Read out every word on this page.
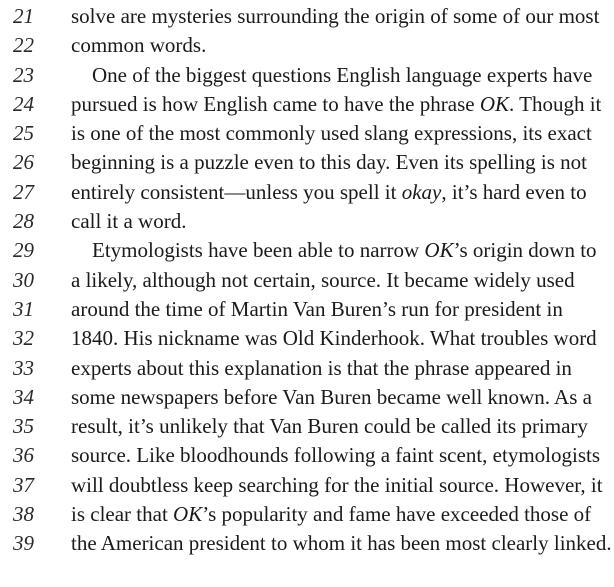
21 solve are mysteries surrounding the origin of some of our most
22 common words.
23	One of the biggest questions English language experts have
24 pursued is how English came to have the phrase OK. Though it
25 is one of the most commonly used slang expressions, its exact
26 beginning is a puzzle even to this day. Even its spelling is not
27 entirely consistent—unless you spell it okay, it’s hard even to
28 call it a word.
29	Etymologists have been able to narrow OK’s origin down to
30 a likely, although not certain, source. It became widely used
31 around the time of Martin Van Buren’s run for president in
32 1840. His nickname was Old Kinderhook. What troubles word
33 experts about this explanation is that the phrase appeared in
34 some newspapers before Van Buren became well known. As a
35 result, it’s unlikely that Van Buren could be called its primary
36 source. Like bloodhounds following a faint scent, etymologists
37 will doubtless keep searching for the initial source. However, it
38 is clear that OK’s popularity and fame have exceeded those of
39 the American president to whom it has been most clearly linked.
